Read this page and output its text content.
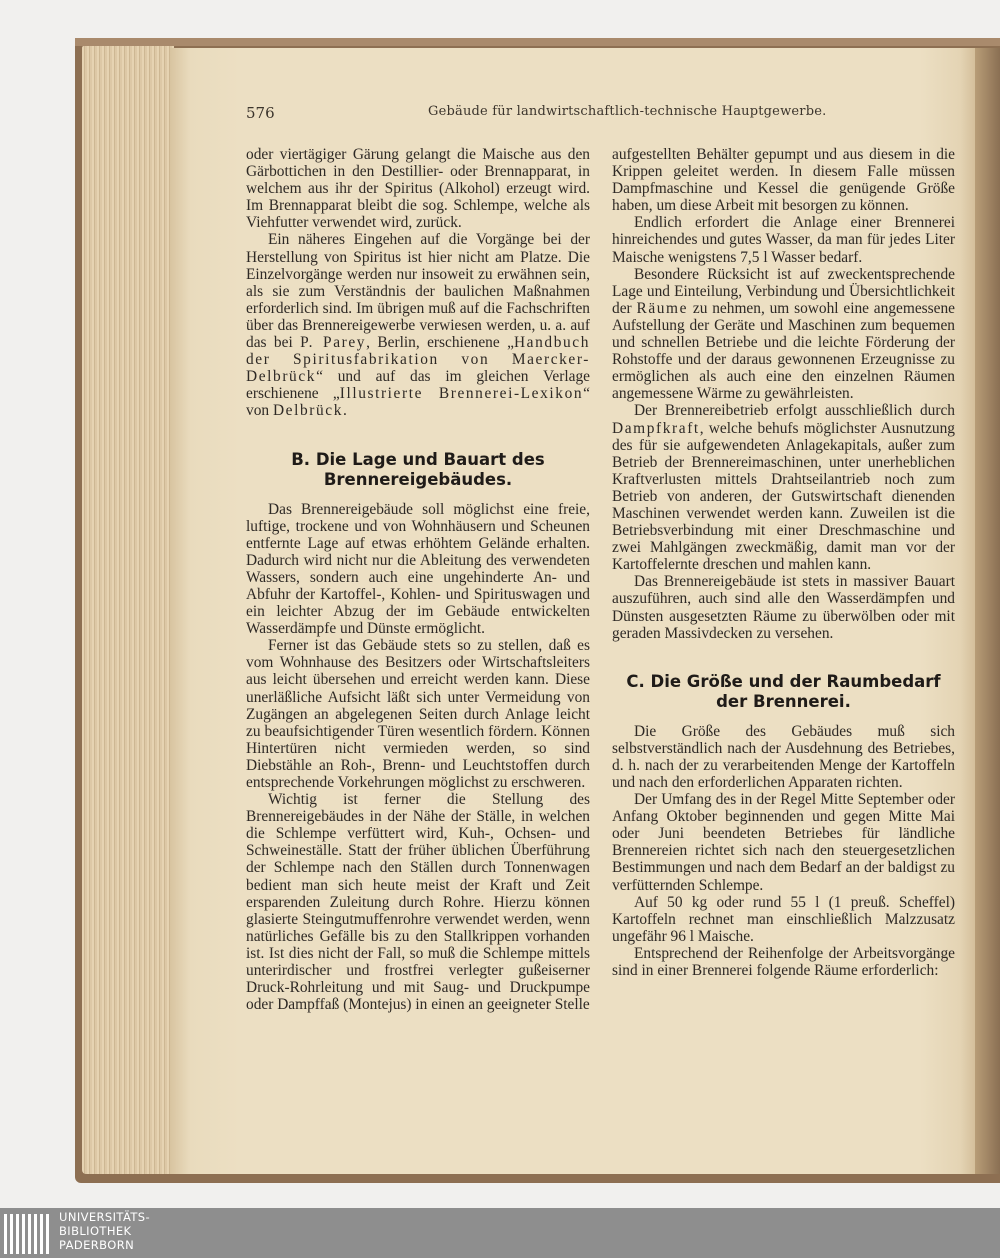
576	Gebäude für landwirtschaftlich-technische Hauptgewerbe.

oder viertägiger Gärung gelangt die Maische aus den Gärbottichen in den Destillier- oder Brennapparat, in welchem aus ihr der Spiritus (Alkohol) erzeugt wird. Im Brennapparat bleibt die sog. Schlempe, welche als Viehfutter verwendet wird, zurück.

Ein näheres Eingehen auf die Vorgänge bei der Herstellung von Spiritus ist hier nicht am Platze. Die Einzelvorgänge werden nur insoweit zu erwähnen sein, als sie zum Verständnis der baulichen Maßnahmen erforderlich sind. Im übrigen muß auf die Fachschriften über das Brennereigewerbe verwiesen werden, u. a. auf das bei P. Parey, Berlin, erschienene „Handbuch der Spiritusfabrikation von Maercker-Delbrück“ und auf das im gleichen Verlage erschienene „Illustrierte Brennerei-Lexikon“ von Delbrück.

B. Die Lage und Bauart des Brennereigebäudes.

Das Brennereigebäude soll möglichst eine freie, luftige, trockene und von Wohnhäusern und Scheunen entfernte Lage auf etwas erhöhtem Gelände erhalten. Dadurch wird nicht nur die Ableitung des verwendeten Wassers, sondern auch eine ungehinderte An- und Abfuhr der Kartoffel-, Kohlen- und Spirituswagen und ein leichter Abzug der im Gebäude entwickelten Wasserdämpfe und Dünste ermöglicht.

Ferner ist das Gebäude stets so zu stellen, daß es vom Wohnhause des Besitzers oder Wirtschaftsleiters aus leicht übersehen und erreicht werden kann. Diese unerläßliche Aufsicht läßt sich unter Vermeidung von Zugängen an abgelegenen Seiten durch Anlage leicht zu beaufsichtigender Türen wesentlich fördern. Können Hintertüren nicht vermieden werden, so sind Diebstähle an Roh-, Brenn- und Leuchtstoffen durch entsprechende Vorkehrungen möglichst zu erschweren.

Wichtig ist ferner die Stellung des Brennereigebäudes in der Nähe der Ställe, in welchen die Schlempe verfüttert wird, Kuh-, Ochsen- und Schweineställe. Statt der früher üblichen Überführung der Schlempe nach den Ställen durch Tonnenwagen bedient man sich heute meist der Kraft und Zeit ersparenden Zuleitung durch Rohre. Hierzu können glasierte Steingutmuffenrohre verwendet werden, wenn natürliches Gefälle bis zu den Stallkrippen vorhanden ist. Ist dies nicht der Fall, so muß die Schlempe mittels unterirdischer und frostfrei verlegter gußeiserner Druck-Rohrleitung und mit Saug- und Druckpumpe oder Dampffaß (Montejus) in einen an geeigneter Stelle

aufgestellten Behälter gepumpt und aus diesem in die Krippen geleitet werden. In diesem Falle müssen Dampfmaschine und Kessel die genügende Größe haben, um diese Arbeit mit besorgen zu können.

Endlich erfordert die Anlage einer Brennerei hinreichendes und gutes Wasser, da man für jedes Liter Maische wenigstens 7,5 l Wasser bedarf.

Besondere Rücksicht ist auf zweckentsprechende Lage und Einteilung, Verbindung und Übersichtlichkeit der Räume zu nehmen, um sowohl eine angemessene Aufstellung der Geräte und Maschinen zum bequemen und schnellen Betriebe und die leichte Förderung der Rohstoffe und der daraus gewonnenen Erzeugnisse zu ermöglichen als auch eine den einzelnen Räumen angemessene Wärme zu gewährleisten.

Der Brennereibetrieb erfolgt ausschließlich durch Dampfkraft, welche behufs möglichster Ausnutzung des für sie aufgewendeten Anlagekapitals, außer zum Betrieb der Brennereimaschinen, unter unerheblichen Kraftverlusten mittels Drahtseilantrieb noch zum Betrieb von anderen, der Gutswirtschaft dienenden Maschinen verwendet werden kann. Zuweilen ist die Betriebsverbindung mit einer Dreschmaschine und zwei Mahlgängen zweckmäßig, damit man vor der Kartoffelernte dreschen und mahlen kann.

Das Brennereigebäude ist stets in massiver Bauart auszuführen, auch sind alle den Wasserdämpfen und Dünsten ausgesetzten Räume zu überwölben oder mit geraden Massivdecken zu versehen.

C. Die Größe und der Raumbedarf der Brennerei.

Die Größe des Gebäudes muß sich selbstverständlich nach der Ausdehnung des Betriebes, d. h. nach der zu verarbeitenden Menge der Kartoffeln und nach den erforderlichen Apparaten richten.

Der Umfang des in der Regel Mitte September oder Anfang Oktober beginnenden und gegen Mitte Mai oder Juni beendeten Betriebes für ländliche Brennereien richtet sich nach den steuergesetzlichen Bestimmungen und nach dem Bedarf an der baldigst zu verfütternden Schlempe.

Auf 50 kg oder rund 55 l (1 preuß. Scheffel) Kartoffeln rechnet man einschließlich Malzzusatz ungefähr 96 l Maische.

Entsprechend der Reihenfolge der Arbeitsvorgänge sind in einer Brennerei folgende Räume erforderlich:

UNIVERSITÄTS-
BIBLIOTHEK
PADERBORN
